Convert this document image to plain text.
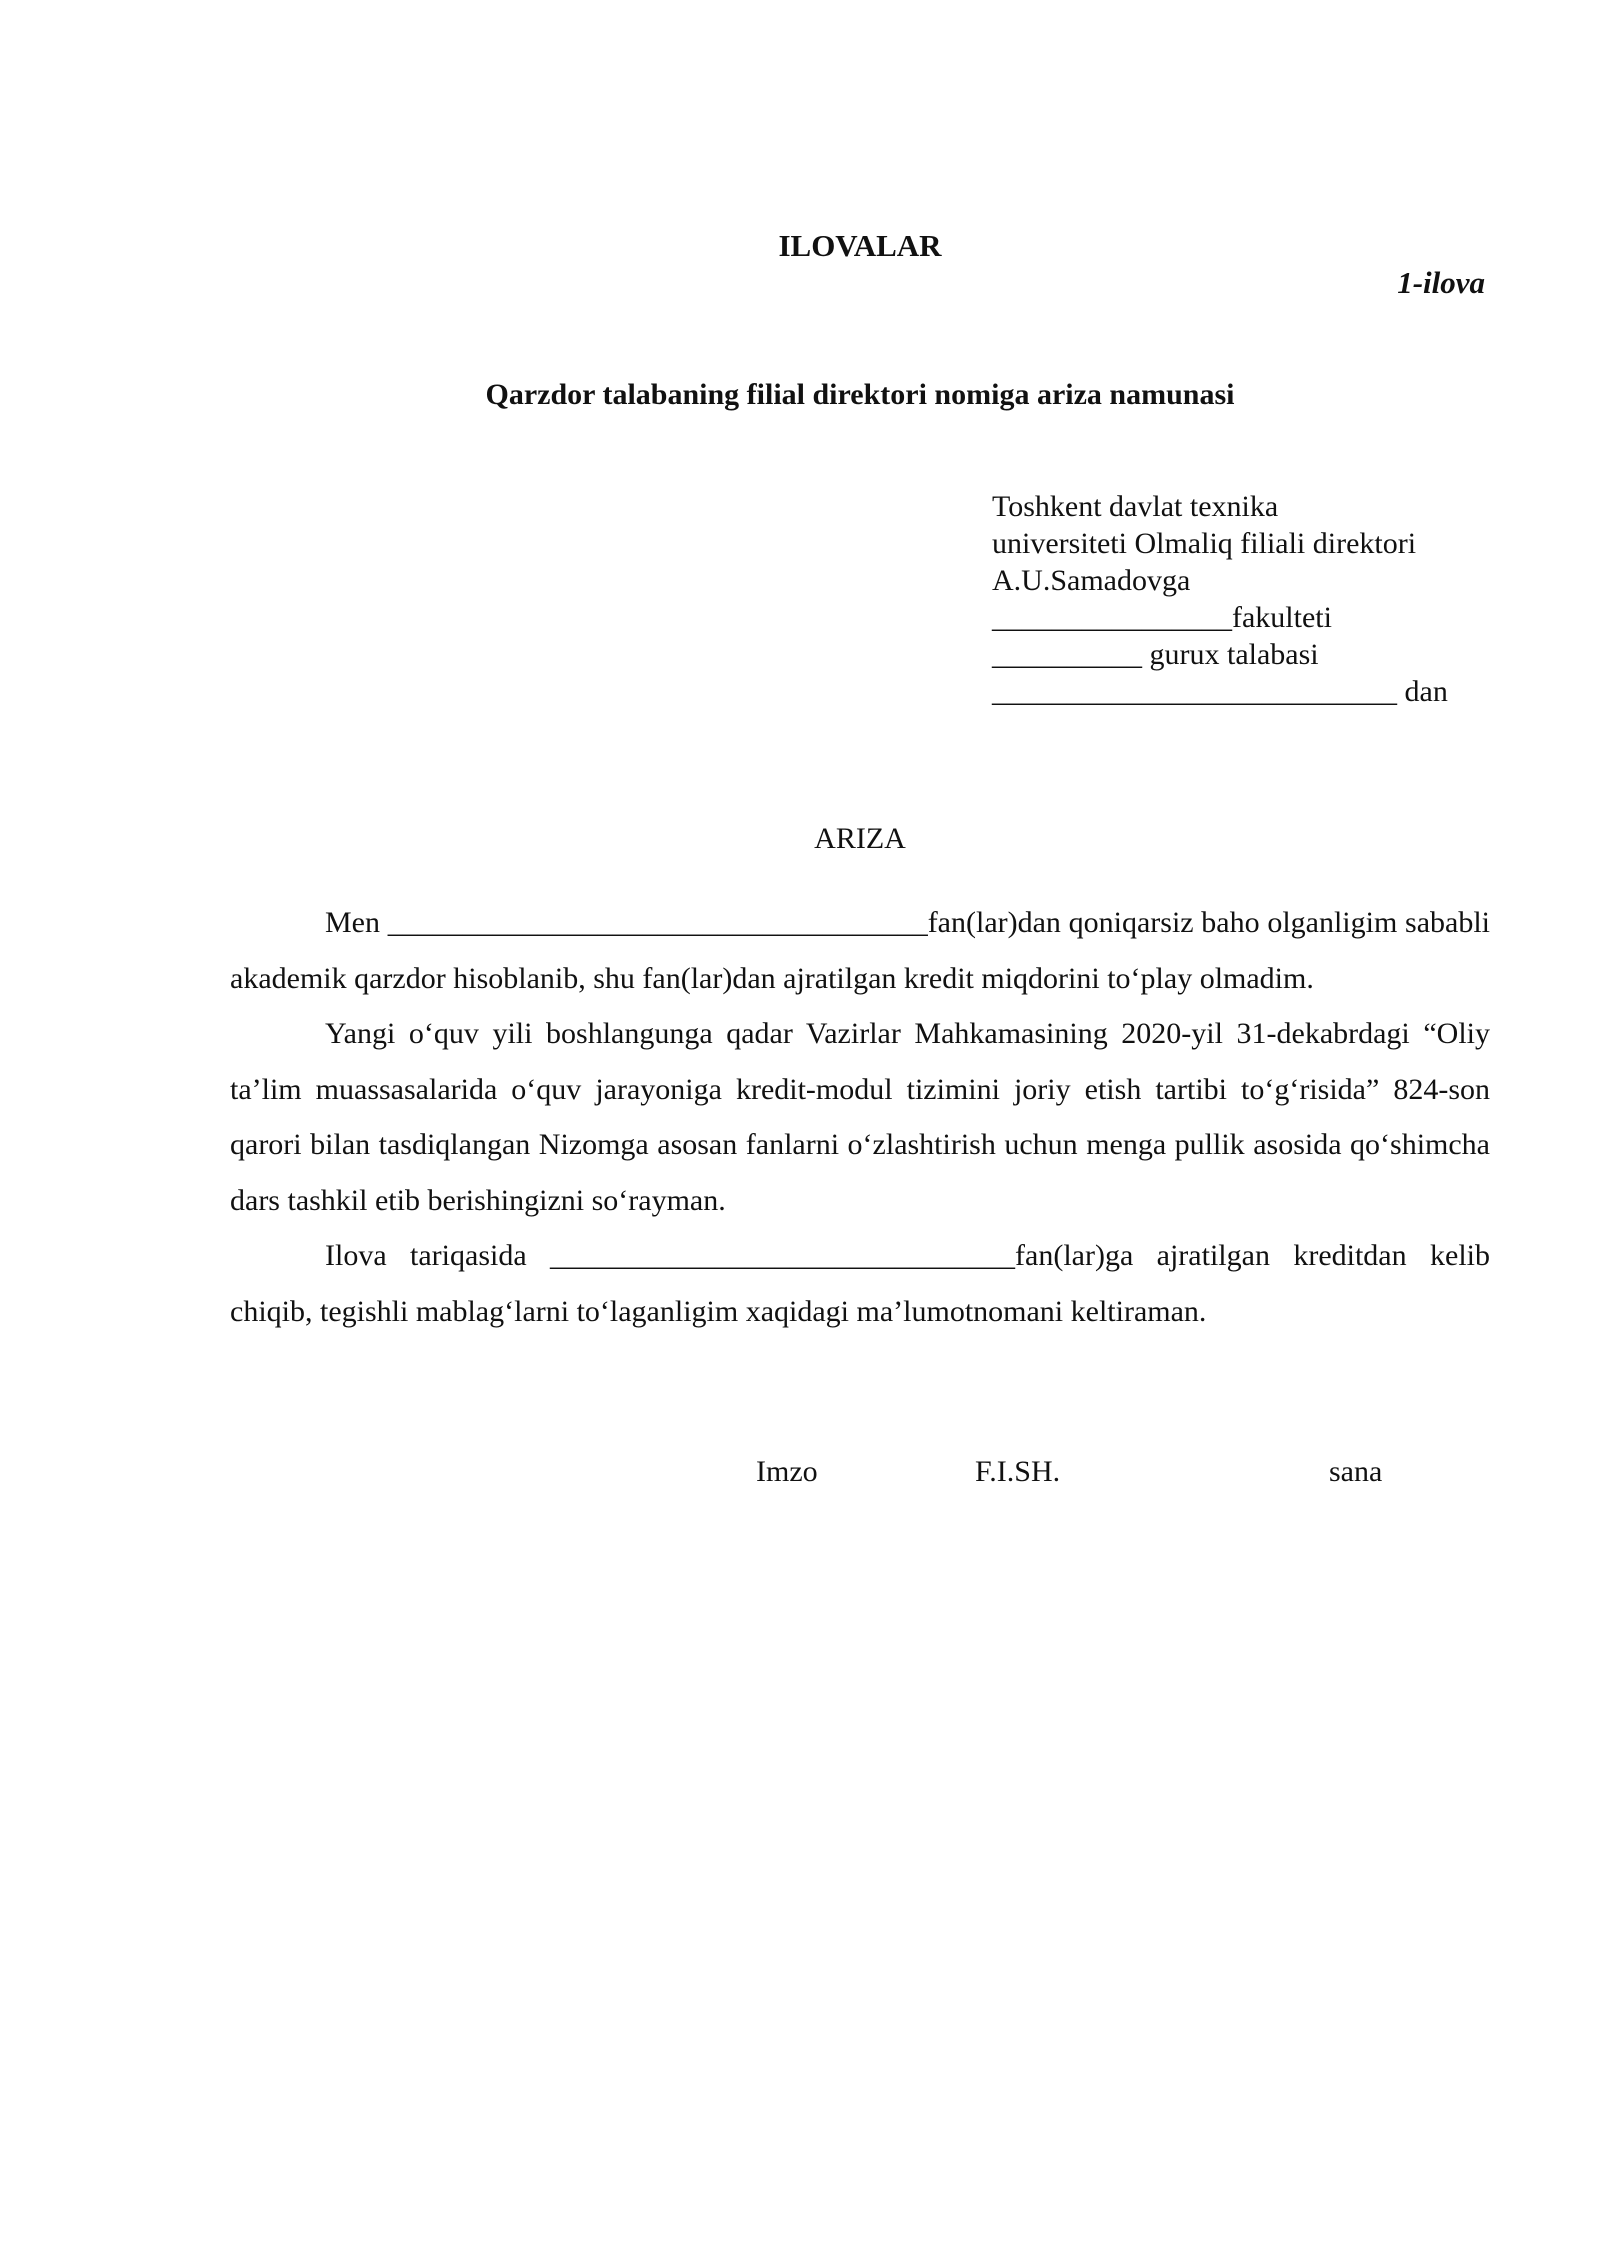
ILOVALAR
1-ilova
Qarzdor talabaning filial direktori nomiga ariza namunasi
Toshkent davlat texnika
universiteti Olmaliq filiali direktori
A.U.Samadovga
________________fakulteti
__________ gurux talabasi
___________________________ dan
ARIZA

Men ____________________________________fan(lar)dan qoniqarsiz baho olganligim sababli akademik qarzdor hisoblanib, shu fan(lar)dan ajratilgan kredit miqdorini to‘play olmadim.

Yangi o‘quv yili boshlangunga qadar Vazirlar Mahkamasining 2020-yil 31-dekabrdagi “Oliy ta’lim muassasalarida o‘quv jarayoniga kredit-modul tizimini joriy etish tartibi to‘g‘risida” 824-son qarori bilan tasdiqlangan Nizomga asosan fanlarni o‘zlashtirish uchun menga pullik asosida qo‘shimcha dars tashkil etib berishingizni so‘rayman.

Ilova tariqasida _______________________________fan(lar)ga ajratilgan kreditdan kelib chiqib, tegishli mablag‘larni to‘laganligim xaqidagi ma’lumotnomani keltiraman.

Imzo	F.I.SH.	sana
